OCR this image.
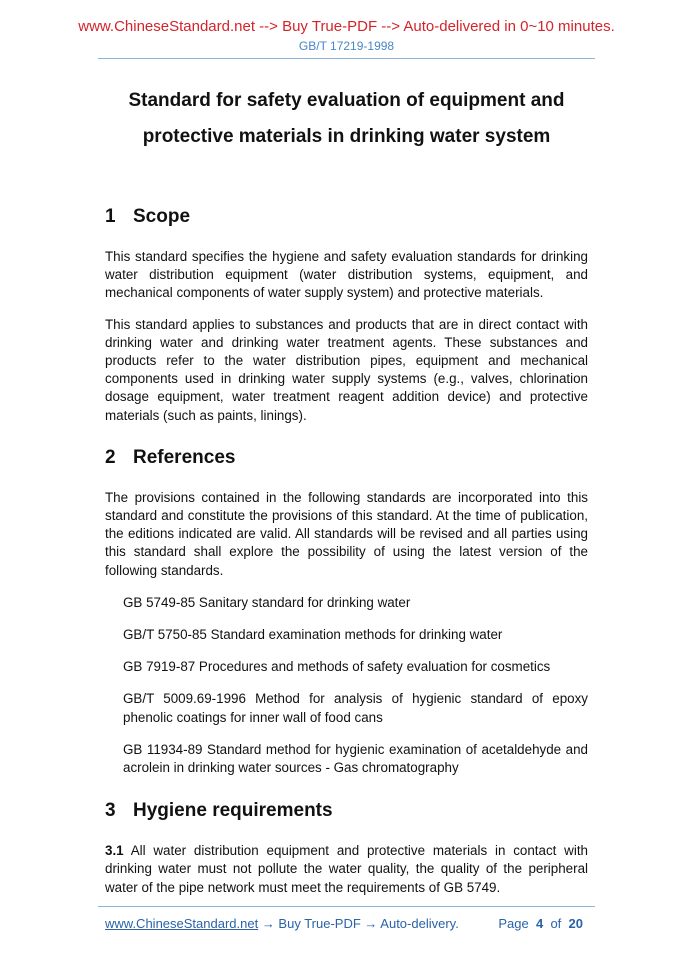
www.ChineseStandard.net --> Buy True-PDF --> Auto-delivered in 0~10 minutes.
GB/T 17219-1998
Standard for safety evaluation of equipment and
protective materials in drinking water system
1 Scope
This standard specifies the hygiene and safety evaluation standards for drinking water distribution equipment (water distribution systems, equipment, and mechanical components of water supply system) and protective materials.
This standard applies to substances and products that are in direct contact with drinking water and drinking water treatment agents. These substances and products refer to the water distribution pipes, equipment and mechanical components used in drinking water supply systems (e.g., valves, chlorination dosage equipment, water treatment reagent addition device) and protective materials (such as paints, linings).
2 References
The provisions contained in the following standards are incorporated into this standard and constitute the provisions of this standard. At the time of publication, the editions indicated are valid. All standards will be revised and all parties using this standard shall explore the possibility of using the latest version of the following standards.
GB 5749-85 Sanitary standard for drinking water
GB/T 5750-85 Standard examination methods for drinking water
GB 7919-87 Procedures and methods of safety evaluation for cosmetics
GB/T 5009.69-1996 Method for analysis of hygienic standard of epoxy phenolic coatings for inner wall of food cans
GB 11934-89 Standard method for hygienic examination of acetaldehyde and acrolein in drinking water sources - Gas chromatography
3 Hygiene requirements
3.1 All water distribution equipment and protective materials in contact with drinking water must not pollute the water quality, the quality of the peripheral water of the pipe network must meet the requirements of GB 5749.
www.ChineseStandard.net → Buy True-PDF → Auto-delivery.	Page 4 of 20
